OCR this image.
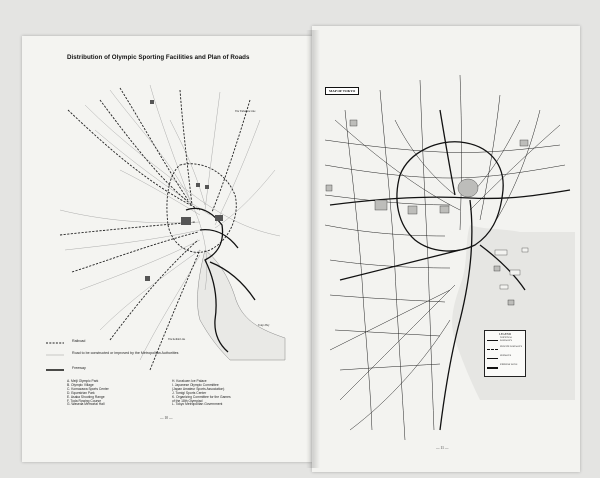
Distribution of Olympic Sporting Facilities and Plan of Roads
Tokyo Bay
The Yamanote Line
The Keihin Line
Railroad
Road to be constructed or improved by the Metropolitan Authorities
Freeway
A. Meiji Olympic Park
B. Olympic Village
C. Komazawa Sports Center
D. Equestrian Park
E. Asaka Shooting Range
F. Toda Rowing Course
G. Waseda Memorial Hall
H. Korakuen Ice Palace
I. Japanese Olympic Committee
(Japan Amateur Sports Association)
J. Tomigi Sports Center
K. Organizing Committee for the Games
of the 18th Olympiad
L. Tokyo Metropolitan Government
— 10 —
MAP OF TOKYO
LEGEND
NATIONAL RAILWAYS
PRIVATE RAILWAYS
SUBWAYS
EXPRESS WAYS
— 11 —
